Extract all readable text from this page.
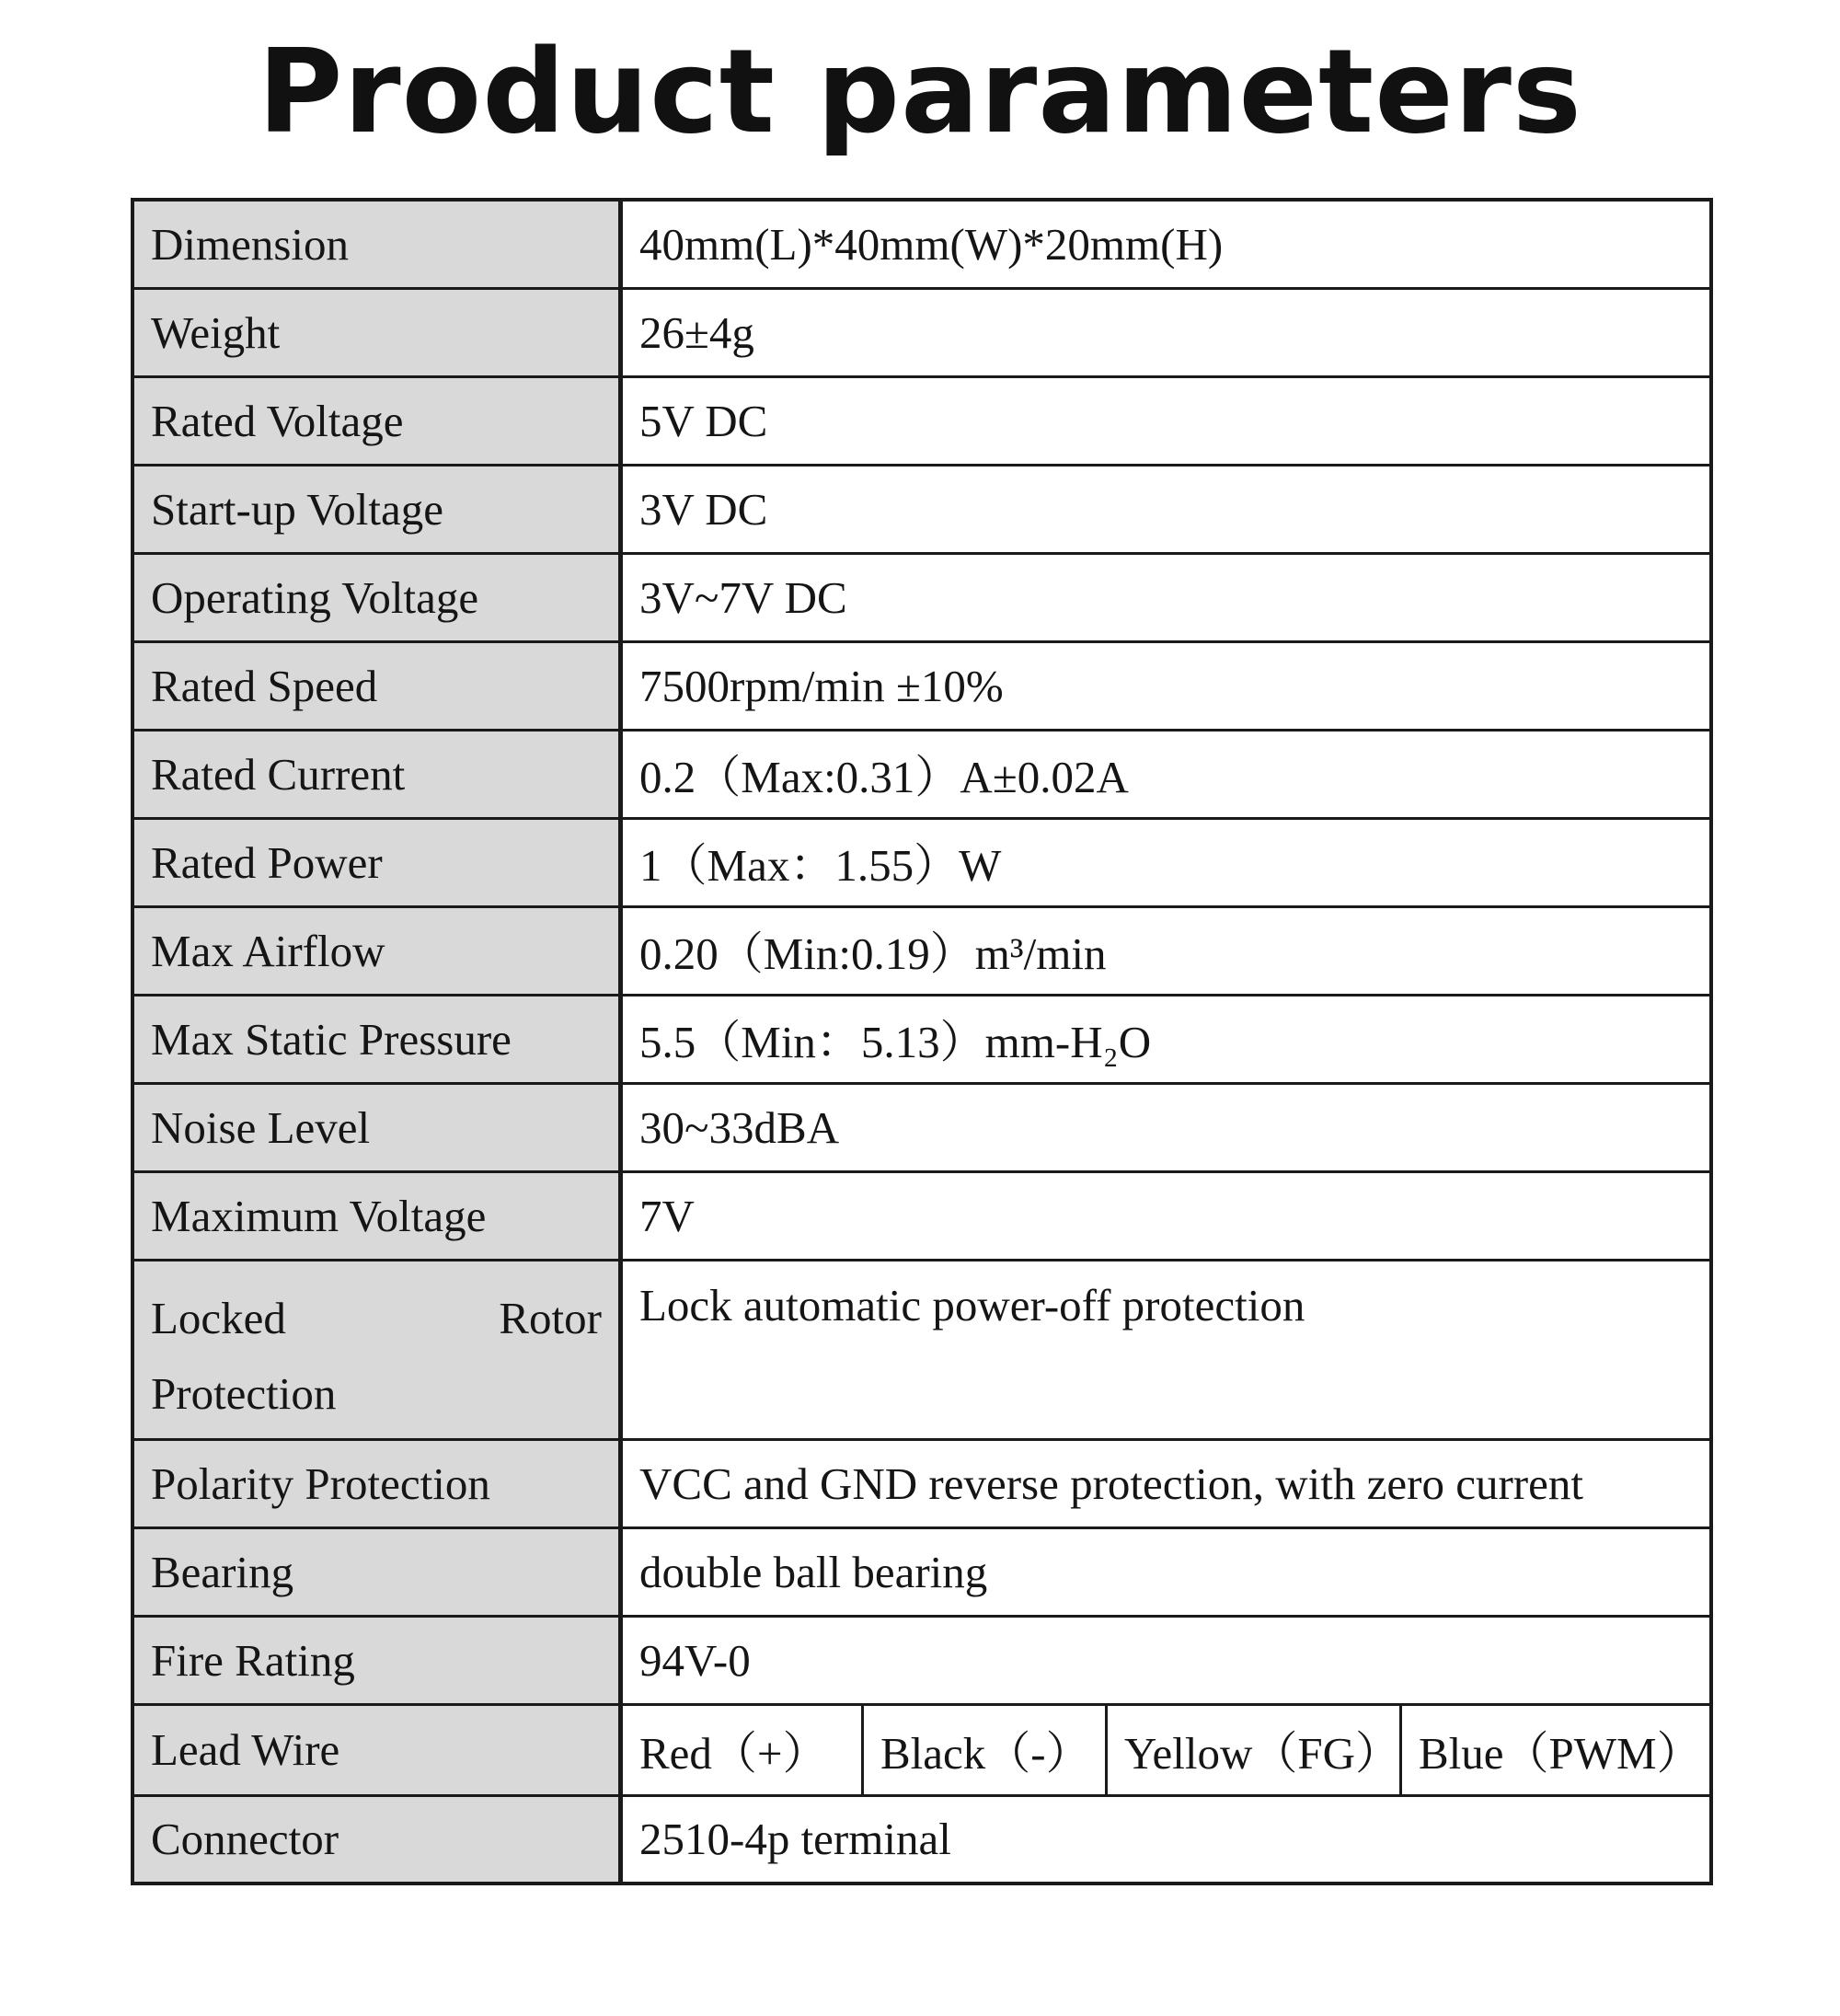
Product parameters
Dimension	40mm(L)*40mm(W)*20mm(H)
Weight	26±4g
Rated Voltage	5V DC
Start-up Voltage	3V DC
Operating Voltage	3V~7V DC
Rated Speed	7500rpm/min ±10%
Rated Current	0.2（Max:0.31）A±0.02A
Rated Power	1（Max：1.55）W
Max Airflow	0.20（Min:0.19）m³/min
Max Static Pressure	5.5（Min：5.13）mm-H₂O
Noise Level	30~33dBA
Maximum Voltage	7V

Locked Rotor
Protection	Lock automatic power-off protection
Polarity Protection	VCC and GND reverse protection, with zero current
Bearing	double ball bearing
Fire Rating	94V-0
Lead Wire	Red（+） Black（-） Yellow（FG） Blue（PWM）

Connector	2510-4p terminal
